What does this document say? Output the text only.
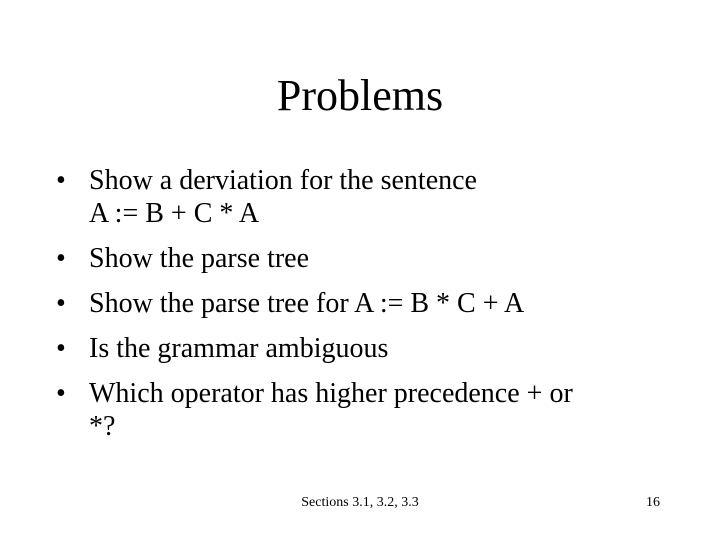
Problems
• Show a derviation for the sentence
A := B + C * A
• Show the parse tree
• Show the parse tree for A := B * C + A
• Is the grammar ambiguous
• Which operator has higher precedence + or
*?
Sections 3.1, 3.2, 3.3	16
